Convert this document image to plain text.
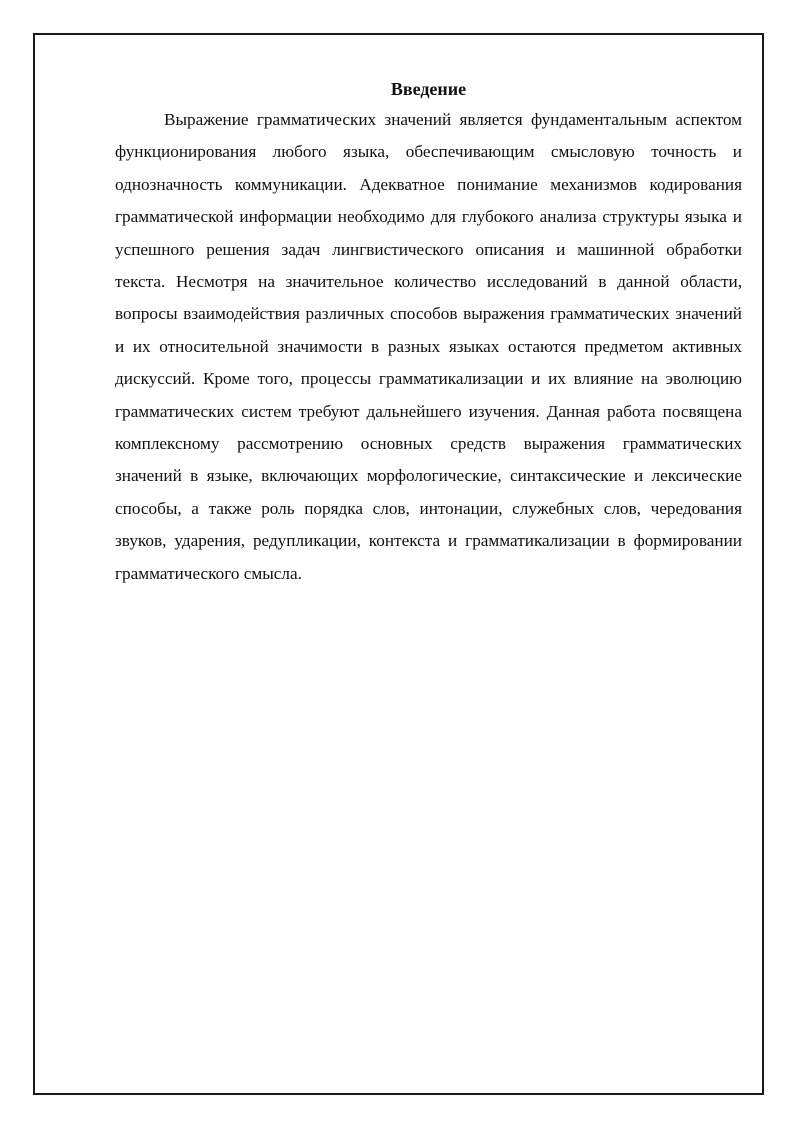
Введение

Выражение грамматических значений является фундаментальным аспектом функционирования любого языка, обеспечивающим смысловую точность и однозначность коммуникации. Адекватное понимание механизмов кодирования грамматической информации необходимо для глубокого анализа структуры языка и успешного решения задач лингвистического описания и машинной обработки текста. Несмотря на значительное количество исследований в данной области, вопросы взаимодействия различных способов выражения грамматических значений и их относительной значимости в разных языках остаются предметом активных дискуссий. Кроме того, процессы грамматикализации и их влияние на эволюцию грамматических систем требуют дальнейшего изучения. Данная работа посвящена комплексному рассмотрению основных средств выражения грамматических значений в языке, включающих морфологические, синтаксические и лексические способы, а также роль порядка слов, интонации, служебных слов, чередования звуков, ударения, редупликации, контекста и грамматикализации в формировании грамматического смысла.
